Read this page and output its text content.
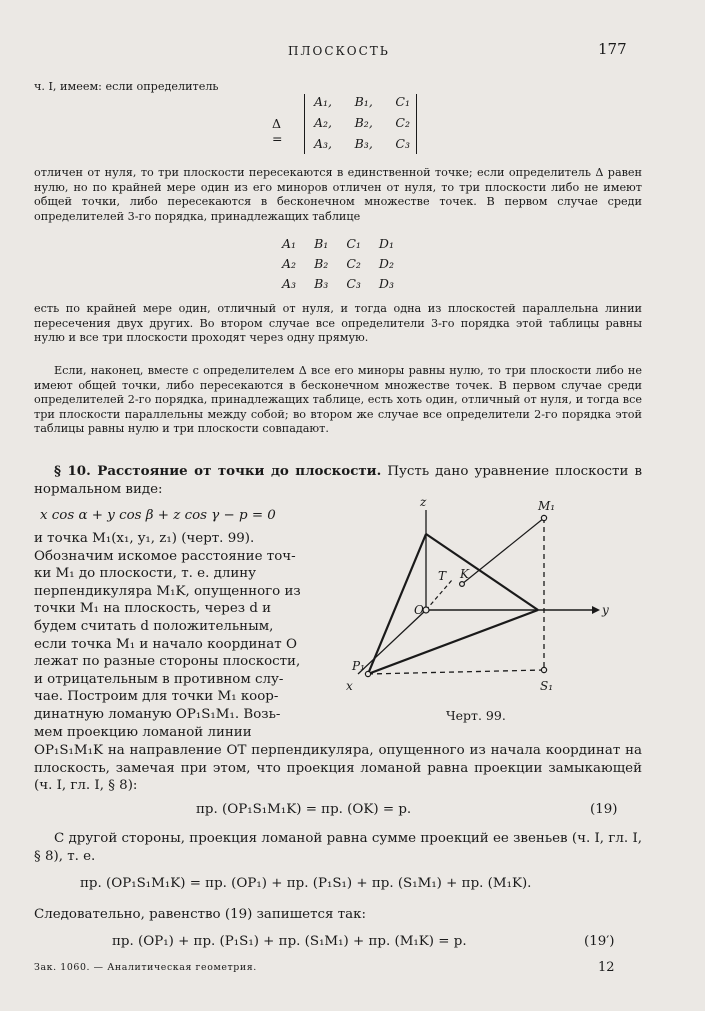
ПЛОСКОСТЬ	177
ч. I, имеем: если определитель
Δ =
A₁, B₁, C₁
A₂, B₂, C₂
A₃, B₃, C₃
отличен от нуля, то три плоскости пересекаются в единственной точке; если определитель Δ равен нулю, но по крайней мере один из его миноров отличен от нуля, то три плоскости либо не имеют общей точки, либо пересекаются в бесконечном множестве точек. В первом случае среди определителей 3-го порядка, принадлежащих таблице
A₁ B₁ C₁ D₁
A₂ B₂ C₂ D₂
A₃ B₃ C₃ D₃
есть по крайней мере один, отличный от нуля, и тогда одна из плоскостей параллельна линии пересечения двух других. Во втором случае все определители 3-го порядка этой таблицы равны нулю и все три плоскости проходят через одну прямую.
Если, наконец, вместе с определителем Δ все его миноры равны нулю, то три плоскости либо не имеют общей точки, либо пересекаются в бесконечном множестве точек. В первом случае среди определителей 2-го порядка, принадлежащих таблице, есть хоть один, отличный от нуля, и тогда все три плоскости параллельны между собой; во втором же случае все определители 2-го порядка этой таблицы равны нулю и три плоскости совпадают.
§ 10. Расстояние от точки до плоскости. Пусть дано уравнение плоскости в нормальном виде:
x cos α + y cos β + z cos γ − p = 0
и точка M₁(x₁, y₁, z₁) (черт. 99).
Обозначим искомое расстояние точ-
ки M₁ до плоскости, т. е. длину
перпендикуляра M₁K, опущенного из
точки M₁ на плоскость, через d и
будем считать d положительным,
если точка M₁ и начало координат O
лежат по разные стороны плоскости,
и отрицательным в противном слу-
чае. Построим для точки M₁ коор-
динатную ломаную OP₁S₁M₁. Возь-
мем проекцию ломаной линии
z
y
x
O
T K
M₁
P₁
S₁
Черт. 99.
OP₁S₁M₁K на направление OT перпендикуляра, опущенного из начала координат на плоскость, замечая при этом, что проекция ломаной равна проекции замыкающей (ч. I, гл. I, § 8):
пр. (OP₁S₁M₁K) = пр. (OK) = p.	(19)
С другой стороны, проекция ломаной равна сумме проекций ее звеньев (ч. I, гл. I, § 8), т. е.
пр. (OP₁S₁M₁K) = пр. (OP₁) + пр. (P₁S₁) + пр. (S₁M₁) + пр. (M₁K).
Следовательно, равенство (19) запишется так:
пр. (OP₁) + пр. (P₁S₁) + пр. (S₁M₁) + пр. (M₁K) = p.	(19′)
Зак. 1060. — Аналитическая геометрия.	12
